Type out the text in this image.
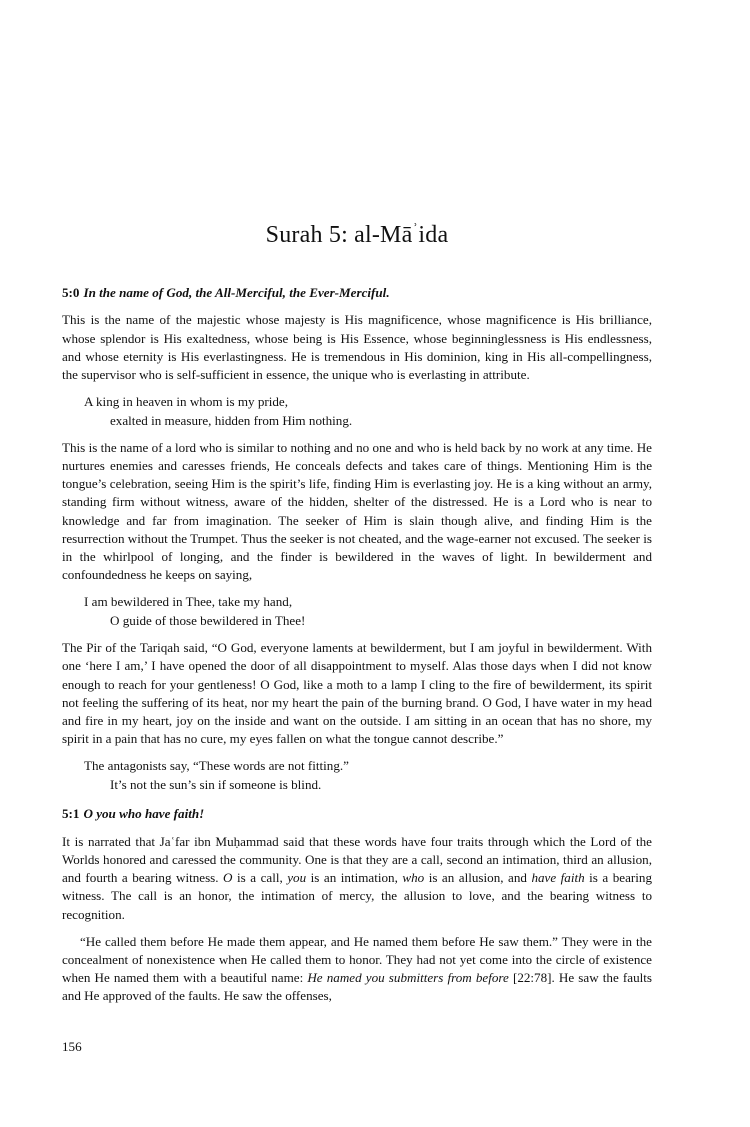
Surah 5: $al-Mā^ʾida$
5:0 In the name of God, the All-Merciful, the Ever-Merciful.

This is the name of the majestic whose majesty is His magnificence, whose magnificence is His brilliance, whose splendor is His exaltedness, whose being is His Essence, whose beginninglessness is His endlessness, and whose eternity is His everlastingness. He is tremendous in His dominion, king in His all-compellingness, the supervisor who is self-sufficient in essence, the unique who is everlasting in attribute.

A king in heaven in whom is my pride,
exalted in measure, hidden from Him nothing.

This is the name of a lord who is similar to nothing and no one and who is held back by no work at any time. He nurtures enemies and caresses friends, He conceals defects and takes care of things. Mentioning Him is the tongue’s celebration, seeing Him is the spirit’s life, finding Him is everlasting joy. He is a king without an army, standing firm without witness, aware of the hidden, shelter of the distressed. He is a Lord who is near to knowledge and far from imagination. The seeker of Him is slain though alive, and finding Him is the resurrection without the Trumpet. Thus the seeker is not cheated, and the wage-earner not excused. The seeker is in the whirlpool of longing, and the finder is bewildered in the waves of light. In bewilderment and confoundedness he keeps on saying,

I am bewildered in Thee, take my hand,
O guide of those bewildered in Thee!

The Pir of the Tariqah said, “O God, everyone laments at bewilderment, but I am joyful in bewilderment. With one ‘here I am,’ I have opened the door of all disappointment to myself. Alas those days when I did not know enough to reach for your gentleness! O God, like a moth to a lamp I cling to the fire of bewilderment, its spirit not feeling the suffering of its heat, nor my heart the pain of the burning brand. O God, I have water in my head and fire in my heart, joy on the inside and want on the outside. I am sitting in an ocean that has no shore, my spirit in a pain that has no cure, my eyes fallen on what the tongue cannot describe.”

The antagonists say, “These words are not fitting.”
It’s not the sun’s sin if someone is blind.
5:1 O you who have faith!

It is narrated that Jaʿfar ibn Muḥammad said that these words have four traits through which the Lord of the Worlds honored and caressed the community. One is that they are a call, second an intimation, third an allusion, and fourth a bearing witness. O is a call, you is an intimation, who is an allusion, and have faith is a bearing witness. The call is an honor, the intimation of mercy, the allusion to love, and the bearing witness to recognition.

“He called them before He made them appear, and He named them before He saw them.” They were in the concealment of nonexistence when He called them to honor. They had not yet come into the circle of existence when He named them with a beautiful name: He named you submitters from before [22:78]. He saw the faults and He approved of the faults. He saw the offenses,

156
